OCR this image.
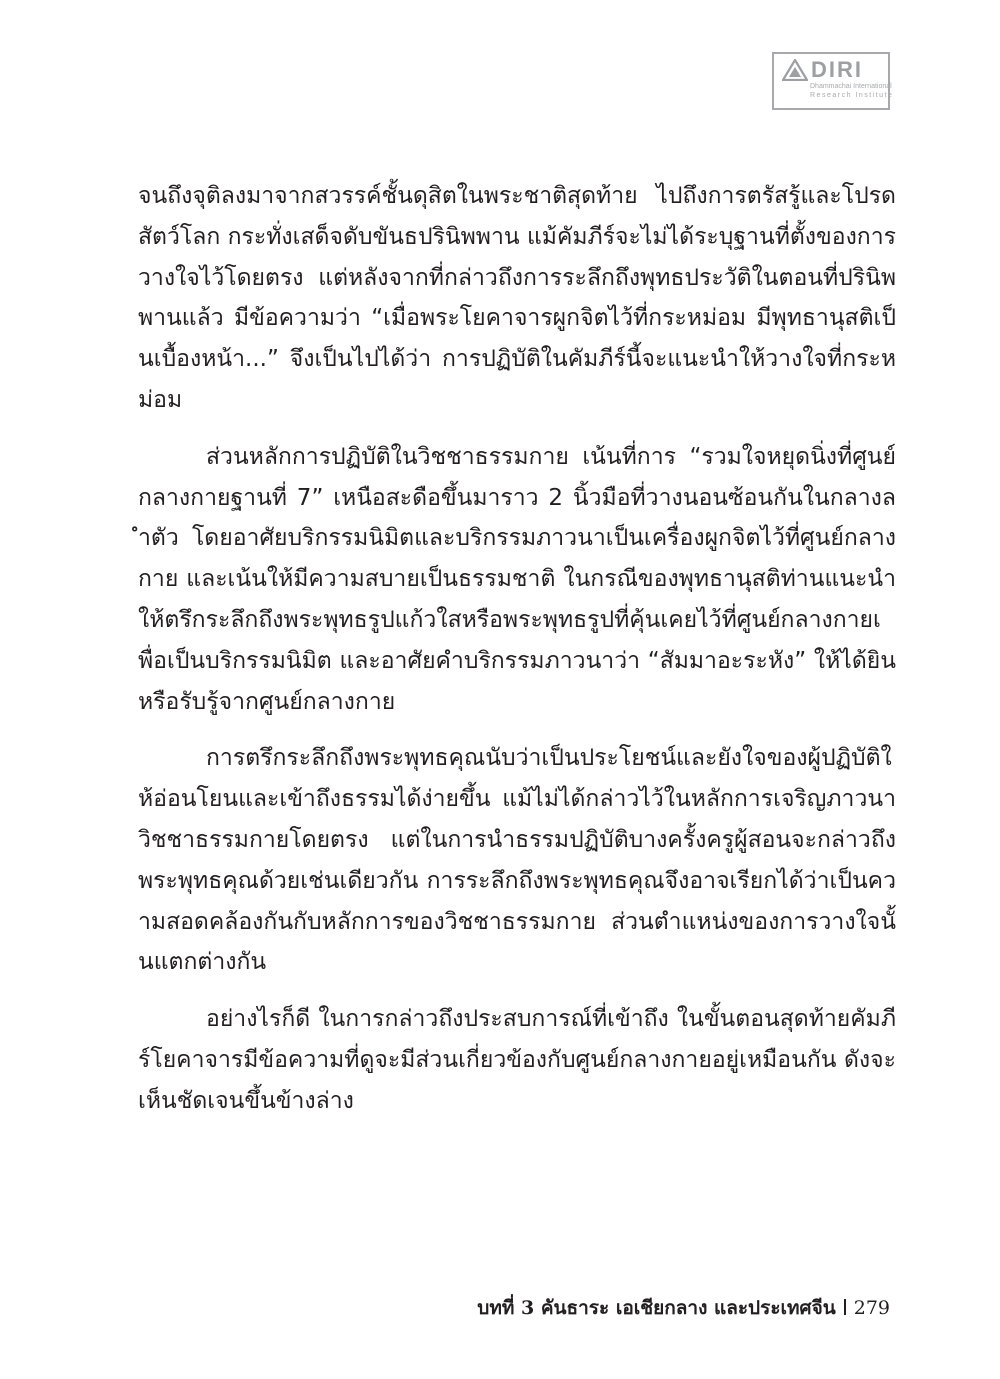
DIRI
Dhammachai International
Research Institute

จนถึงจุติลงมาจากสวรรค์ชั้นดุสิตในพระชาติสุดท้าย ไปถึงการตรัสรู้และโปรดสัตว์โลก กระทั่งเสด็จดับขันธปรินิพพาน แม้คัมภีร์จะไม่ได้ระบุฐานที่ตั้งของการวางใจไว้โดยตรง แต่หลังจากที่กล่าวถึงการระลึกถึงพุทธประวัติในตอนที่ปรินิพพานแล้ว มีข้อความว่า “เมื่อพระโยคาจารผูกจิตไว้ที่กระหม่อม มีพุทธานุสติเป็นเบื้องหน้า...” จึงเป็นไปได้ว่า การปฏิบัติในคัมภีร์นี้จะแนะนำให้วางใจที่กระหม่อม

ส่วนหลักการปฏิบัติในวิชชาธรรมกาย เน้นที่การ “รวมใจหยุดนิ่งที่ศูนย์กลางกายฐานที่ 7” เหนือสะดือขึ้นมาราว 2 นิ้วมือที่วางนอนซ้อนกันในกลางลำตัว โดยอาศัยบริกรรมนิมิตและบริกรรมภาวนาเป็นเครื่องผูกจิตไว้ที่ศูนย์กลางกาย และเน้นให้มีความสบายเป็นธรรมชาติ ในกรณีของพุทธานุสติท่านแนะนำให้ตรึกระลึกถึงพระพุทธรูปแก้วใสหรือพระพุทธรูปที่คุ้นเคยไว้ที่ศูนย์กลางกายเพื่อเป็นบริกรรมนิมิต และอาศัยคำบริกรรมภาวนาว่า “สัมมาอะระหัง” ให้ได้ยินหรือรับรู้จากศูนย์กลางกาย

การตรึกระลึกถึงพระพุทธคุณนับว่าเป็นประโยชน์และยังใจของผู้ปฏิบัติให้อ่อนโยนและเข้าถึงธรรมได้ง่ายขึ้น แม้ไม่ได้กล่าวไว้ในหลักการเจริญภาวนาวิชชาธรรมกายโดยตรง แต่ในการนำธรรมปฏิบัติบางครั้งครูผู้สอนจะกล่าวถึงพระพุทธคุณด้วยเช่นเดียวกัน การระลึกถึงพระพุทธคุณจึงอาจเรียกได้ว่าเป็นความสอดคล้องกันกับหลักการของวิชชาธรรมกาย ส่วนตำแหน่งของการวางใจนั้นแตกต่างกัน

อย่างไรก็ดี ในการกล่าวถึงประสบการณ์ที่เข้าถึง ในขั้นตอนสุดท้ายคัมภีร์โยคาจารมีข้อความที่ดูจะมีส่วนเกี่ยวข้องกับศูนย์กลางกายอยู่เหมือนกัน ดังจะเห็นชัดเจนขึ้นข้างล่าง

บทที่ 3 คันธาระ เอเชียกลาง และประเทศจีน 279
